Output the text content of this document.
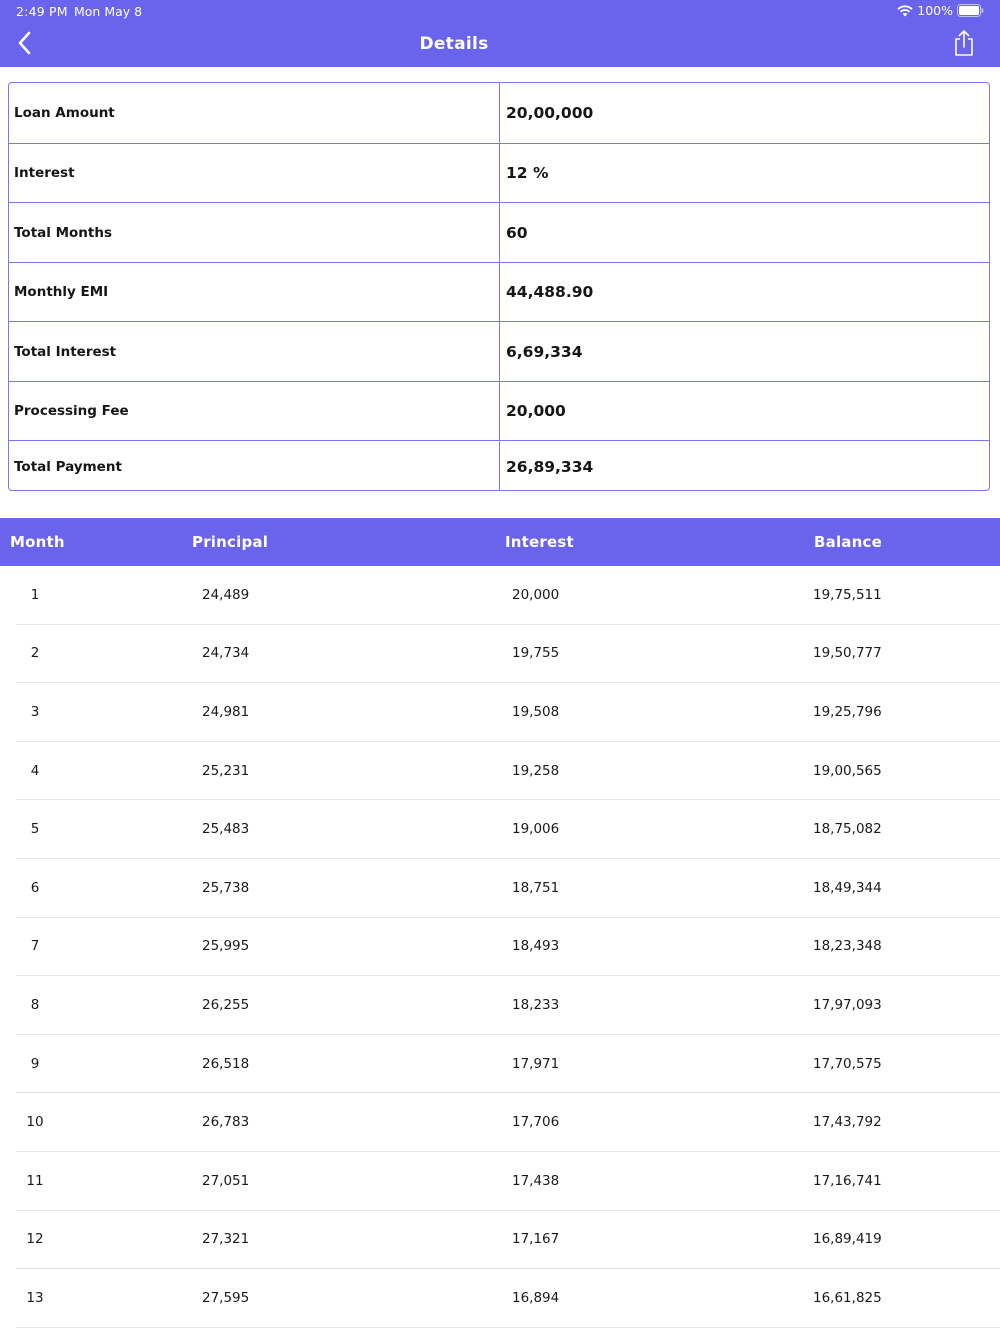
2:49 PM Mon May 8	100%
Details
Loan Amount	20,00,000
Interest	12 %
Total Months	60
Monthly EMI	44,488.90
Total Interest	6,69,334
Processing Fee	20,000
Total Payment	26,89,334
Month	Principal	Interest	Balance
1	24,489	20,000	19,75,511
2	24,734	19,755	19,50,777
3	24,981	19,508	19,25,796
4	25,231	19,258	19,00,565
5	25,483	19,006	18,75,082
6	25,738	18,751	18,49,344
7	25,995	18,493	18,23,348
8	26,255	18,233	17,97,093
9	26,518	17,971	17,70,575
10	26,783	17,706	17,43,792
11	27,051	17,438	17,16,741
12	27,321	17,167	16,89,419
13	27,595	16,894	16,61,825
